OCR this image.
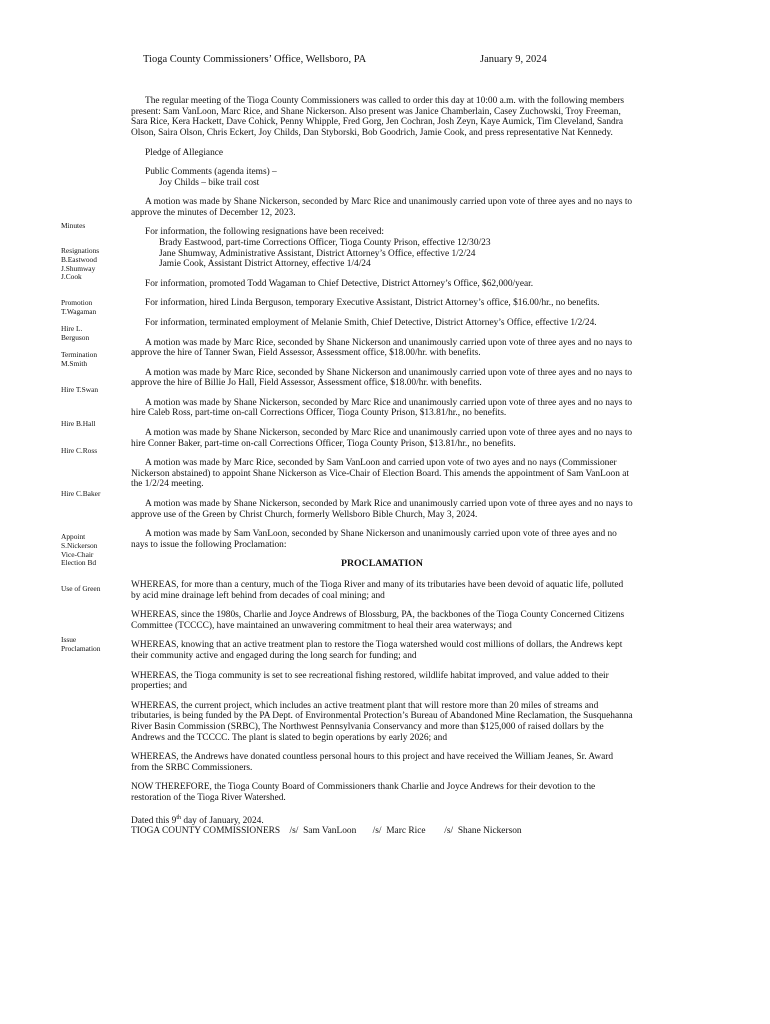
Tioga County Commissioners’ Office, Wellsboro, PA	January 9, 2024
Minutes
Resignations
B.Eastwood
J.Shumway
J.Cook
Promotion
T.Wagaman
Hire L.
Berguson
Termination
M.Smith
Hire T.Swan
Hire B.Hall
Hire C.Ross
Hire C.Baker
Appoint
S.Nickerson
Vice-Chair
Election Bd
Use of Green
Issue
Proclamation

The regular meeting of the Tioga County Commissioners was called to order this day at 10:00 a.m. with the following members present: Sam VanLoon, Marc Rice, and Shane Nickerson. Also present was Janice Chamberlain, Casey Zuchowski, Troy Freeman, Sara Rice, Kera Hackett, Dave Cohick, Penny Whipple, Fred Gorg, Jen Cochran, Josh Zeyn, Kaye Aumick, Tim Cleveland, Sandra Olson, Saira Olson, Chris Eckert, Joy Childs, Dan Styborski, Bob Goodrich, Jamie Cook, and press representative Nat Kennedy.

Pledge of Allegiance

Public Comments (agenda items) –

Joy Childs – bike trail cost

A motion was made by Shane Nickerson, seconded by Marc Rice and unanimously carried upon vote of three ayes and no nays to approve the minutes of December 12, 2023.

For information, the following resignations have been received:

Brady Eastwood, part-time Corrections Officer, Tioga County Prison, effective 12/30/23

Jane Shumway, Administrative Assistant, District Attorney’s Office, effective 1/2/24

Jamie Cook, Assistant District Attorney, effective 1/4/24

For information, promoted Todd Wagaman to Chief Detective, District Attorney’s Office, $62,000/year.

For information, hired Linda Berguson, temporary Executive Assistant, District Attorney’s office, $16.00/hr., no benefits.

For information, terminated employment of Melanie Smith, Chief Detective, District Attorney’s Office, effective 1/2/24.

A motion was made by Marc Rice, seconded by Shane Nickerson and unanimously carried upon vote of three ayes and no nays to approve the hire of Tanner Swan, Field Assessor, Assessment office, $18.00/hr. with benefits.

A motion was made by Marc Rice, seconded by Shane Nickerson and unanimously carried upon vote of three ayes and no nays to approve the hire of Billie Jo Hall, Field Assessor, Assessment office, $18.00/hr. with benefits.

A motion was made by Shane Nickerson, seconded by Marc Rice and unanimously carried upon vote of three ayes and no nays to hire Caleb Ross, part-time on-call Corrections Officer, Tioga County Prison, $13.81/hr., no benefits.

A motion was made by Shane Nickerson, seconded by Marc Rice and unanimously carried upon vote of three ayes and no nays to hire Conner Baker, part-time on-call Corrections Officer, Tioga County Prison, $13.81/hr., no benefits.

A motion was made by Marc Rice, seconded by Sam VanLoon and carried upon vote of two ayes and no nays (Commissioner Nickerson abstained) to appoint Shane Nickerson as Vice-Chair of Election Board. This amends the appointment of Sam VanLoon at the 1/2/24 meeting.

A motion was made by Shane Nickerson, seconded by Mark Rice and unanimously carried upon vote of three ayes and no nays to approve use of the Green by Christ Church, formerly Wellsboro Bible Church, May 3, 2024.

A motion was made by Sam VanLoon, seconded by Shane Nickerson and unanimously carried upon vote of three ayes and no nays to issue the following Proclamation:

PROCLAMATION

WHEREAS, for more than a century, much of the Tioga River and many of its tributaries have been devoid of aquatic life, polluted by acid mine drainage left behind from decades of coal mining; and

WHEREAS, since the 1980s, Charlie and Joyce Andrews of Blossburg, PA, the backbones of the Tioga County Concerned Citizens Committee (TCCCC), have maintained an unwavering commitment to heal their area waterways; and

WHEREAS, knowing that an active treatment plan to restore the Tioga watershed would cost millions of dollars, the Andrews kept their community active and engaged during the long search for funding; and

WHEREAS, the Tioga community is set to see recreational fishing restored, wildlife habitat improved, and value added to their properties; and

WHEREAS, the current project, which includes an active treatment plant that will restore more than 20 miles of streams and tributaries, is being funded by the PA Dept. of Environmental Protection’s Bureau of Abandoned Mine Reclamation, the Susquehanna River Basin Commission (SRBC), The Northwest Pennsylvania Conservancy and more than $125,000 of raised dollars by the Andrews and the TCCCC. The plant is slated to begin operations by early 2026; and

WHEREAS, the Andrews have donated countless personal hours to this project and have received the William Jeanes, Sr. Award from the SRBC Commissioners.

NOW THEREFORE, the Tioga County Board of Commissioners thank Charlie and Joyce Andrews for their devotion to the restoration of the Tioga River Watershed.

Dated this 9th day of January, 2024.

TIOGA COUNTY COMMISSIONERS    /s/  Sam VanLoon       /s/  Marc Rice        /s/  Shane Nickerson
